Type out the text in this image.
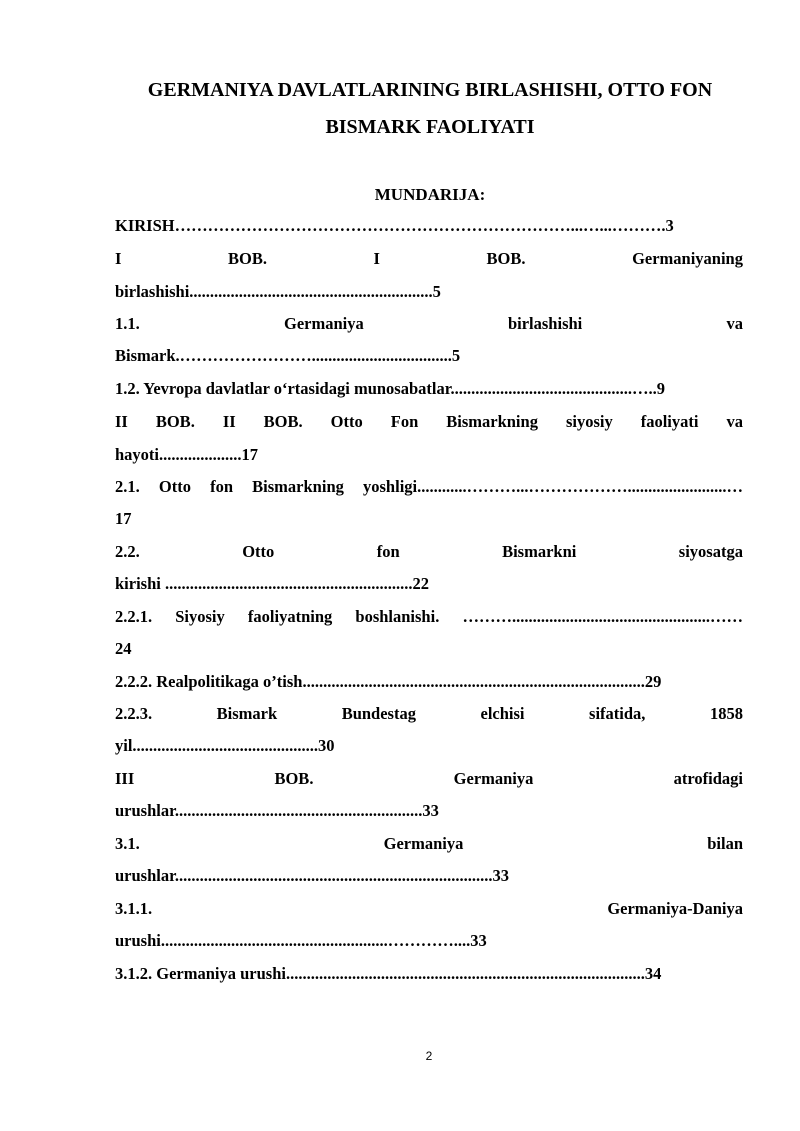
GERMANIYA DAVLATLARINING BIRLASHISHI, OTTO FON
BISMARK FAOLIYATI
MUNDARIJA:
KIRISH………………………………………………………………...…...……….3
I	BOB.	I	BOB.	Germaniyaning
birlashishi...........................................................5
1.1.	Germaniya	birlashishi	va
Bismark.……………………..................................5
1.2. Yevropa davlatlar o‘rtasidagi munosabatlar............................................…..9
II BOB. II BOB. Otto Fon Bismarkning siyosiy faoliyati va
hayoti....................17
2.1. Otto fon Bismarkning yoshligi............………...………………........................…
17
2.2.	Otto	fon	Bismarkni	siyosatga
kirishi ............................................................22
2.2.1. Siyosiy faoliyatning boshlanishi. ………................................................……
24
2.2.2. Realpolitikaga o’tish...................................................................................29
2.2.3.	Bismark	Bundestag	elchisi	sifatida,	1858
yil.............................................30
III	BOB.	Germaniya	atrofidagi
urushlar............................................................33
3.1.	Germaniya	bilan
urushlar.............................................................................33
3.1.1.	Germaniya-Daniya
urushi.......................................................…………....33
3.1.2. Germaniya urushi.......................................................................................34
2
